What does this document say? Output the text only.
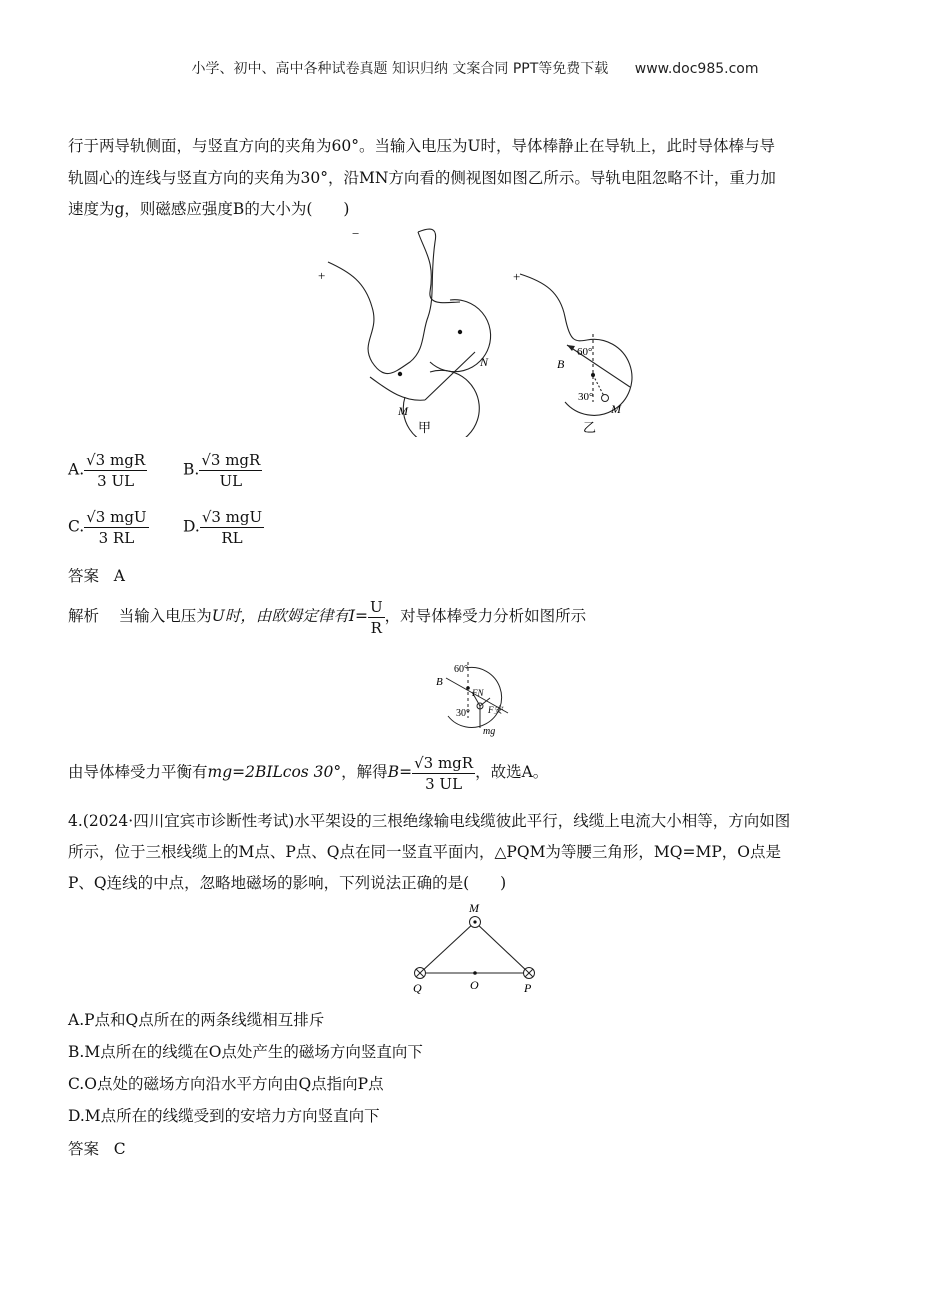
小学、初中、高中各种试卷真题 知识归纳 文案合同 PPT等免费下载 www.doc985.com
行于两导轨侧面，与竖直方向的夹角为60°。当输入电压为U时，导体棒静止在导轨上，此时导体棒与导
轨圆心的连线与竖直方向的夹角为30°，沿MN方向看的侧视图如图乙所示。导轨电阻忽略不计，重力加
速度为g，则磁感应强度B的大小为(　　)
+
−
N
M
甲
+
B
60°
30°
M
乙
A. $\frac{\text{√3 mgR}}{3 UL} B$. $\frac{\text{√3 mgR}}{UL}$
C. $\frac{\text{√3 mgU}}{3 RL} D$. $\frac{\text{√3 mgU}}{RL}$
答案 A
解析 当输入电压为U时，由欧姆定律有$I= \frac{U}{R}$ ，对导体棒受力分析如图所示
60°
B
FN
30° F安
mg
由导体棒受力平衡有mg=2BILcos 30°，解得$B= \frac{\text{√3 mgR}}{3 UL}$ ，故选A。
4.(2024·四川宜宾市诊断性考试)水平架设的三根绝缘输电线缆彼此平行，线缆上电流大小相等，方向如图
所示，位于三根线缆上的M点、P点、Q点在同一竖直平面内，△PQM为等腰三角形，MQ=MP，O点是
P、Q连线的中点，忽略地磁场的影响，下列说法正确的是(　　)
M
Q	O	P
A.P点和Q点所在的两条线缆相互排斥
B.M点所在的线缆在O点处产生的磁场方向竖直向下
C.O点处的磁场方向沿水平方向由Q点指向P点
D.M点所在的线缆受到的安培力方向竖直向下
答案 C
